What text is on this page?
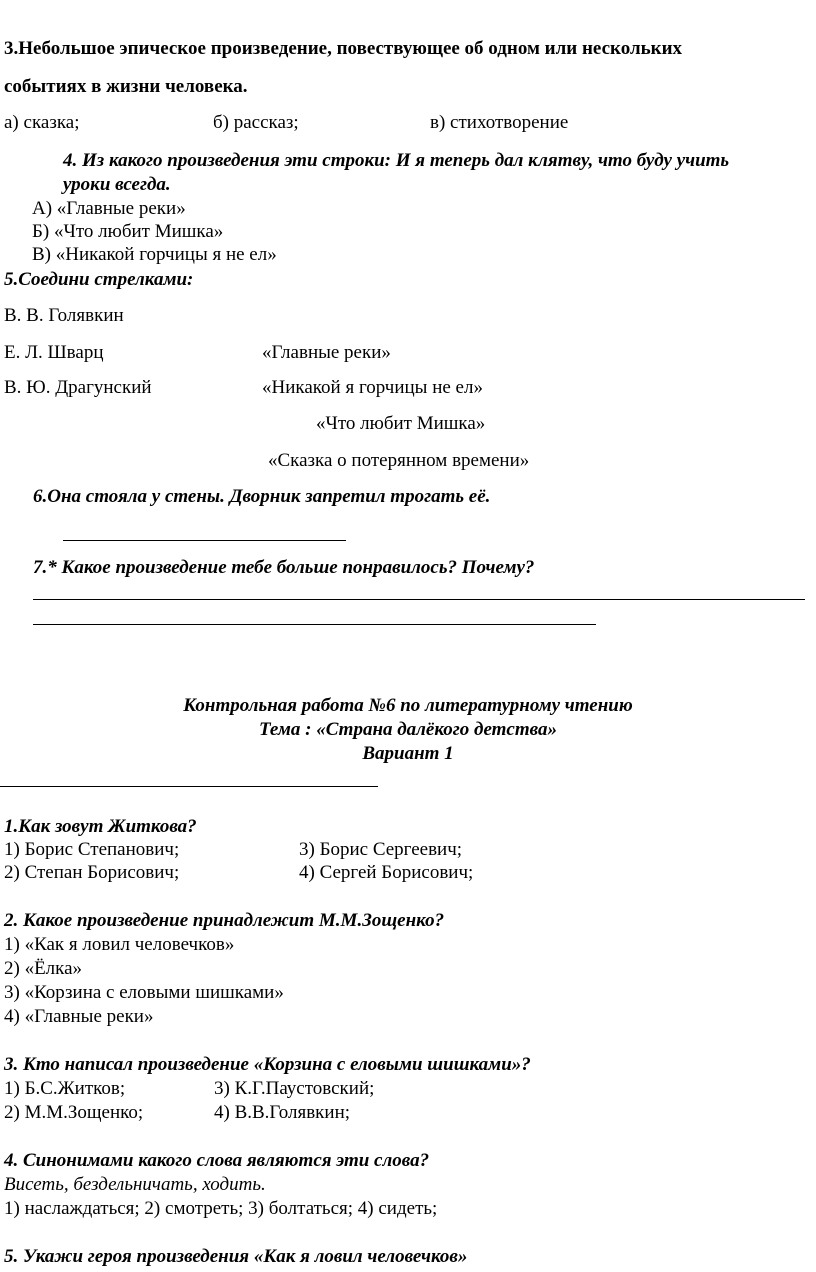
3.Небольшое эпическое произведение, повествующее об одном или нескольких
событиях в жизни человека.
а) сказка;	б) рассказ;	в) стихотворение
4. Из какого произведения эти строки: И я теперь дал клятву, что буду учить
уроки всегда.
А) «Главные реки»
Б) «Что любит Мишка»
В) «Никакой горчицы я не ел»
5.Соедини стрелками:
В. В. Голявкин
Е. Л. Шварц	«Главные реки»
В. Ю. Драгунский	«Никакой я горчицы не ел»
«Что любит Мишка»
«Сказка о потерянном времени»
6.Она стояла у стены. Дворник запретил трогать её.
7.* Какое произведение тебе больше понравилось? Почему?
Контрольная работа №6 по литературному чтению
Тема : «Страна далёкого детства»
Вариант 1
1.Как зовут Житкова?
1) Борис Степанович;	3) Борис Сергеевич;
2) Степан Борисович;	4) Сергей Борисович;
2. Какое произведение принадлежит М.М.Зощенко?
1) «Как я ловил человечков»
2) «Ёлка»
3) «Корзина с еловыми шишками»
4) «Главные реки»
3. Кто написал произведение «Корзина с еловыми шишками»?
1) Б.С.Житков;	3) К.Г.Паустовский;
2) М.М.Зощенко;	4) В.В.Голявкин;
4. Синонимами какого слова являются эти слова?
Висеть, бездельничать, ходить.
1) наслаждаться; 2) смотреть; 3) болтаться; 4) сидеть;
5. Укажи героя произведения «Как я ловил человечков»
